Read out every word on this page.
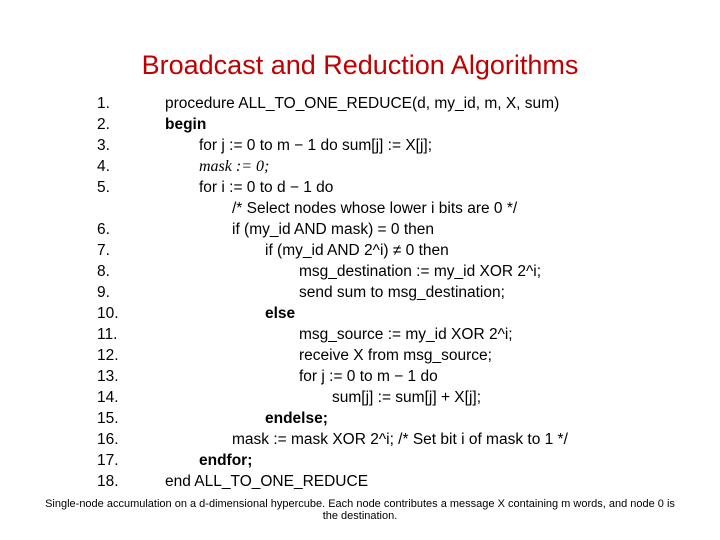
Broadcast and Reduction Algorithms
1.	procedure ALL_TO_ONE_REDUCE(d, my_id, m, X, sum)
2.	begin
3.	for j := 0 to m − 1 do sum[j] := X[j];
4.	mask := 0;
5.	for i := 0 to d − 1 do
/* Select nodes whose lower i bits are 0 */
6.	if (my_id AND mask) = 0 then
7.	if (my_id AND 2^i) ≠ 0 then
8.	msg_destination := my_id XOR 2^i;
9.	send sum to msg_destination;
10.	else
11.	msg_source := my_id XOR 2^i;
12.	receive X from msg_source;
13.	for j := 0 to m − 1 do
14.	sum[j] := sum[j] + X[j];
15.	endelse;
16.	mask := mask XOR 2^i; /* Set bit i of mask to 1 */
17.	endfor;
18.	end ALL_TO_ONE_REDUCE
Single-node accumulation on a d-dimensional hypercube. Each node contributes a message X containing m words, and node 0 is the destination.
